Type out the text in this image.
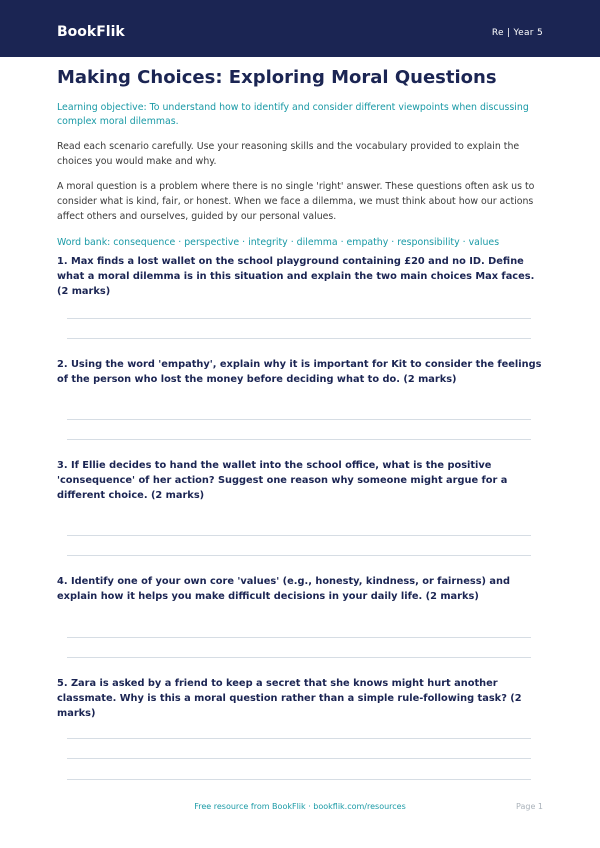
BookFlik	Re | Year 5
Making Choices: Exploring Moral Questions
Learning objective: To understand how to identify and consider different viewpoints when discussing complex moral dilemmas.
Read each scenario carefully. Use your reasoning skills and the vocabulary provided to explain the choices you would make and why.
A moral question is a problem where there is no single 'right' answer. These questions often ask us to consider what is kind, fair, or honest. When we face a dilemma, we must think about how our actions affect others and ourselves, guided by our personal values.
Word bank: consequence · perspective · integrity · dilemma · empathy · responsibility · values
1. Max finds a lost wallet on the school playground containing £20 and no ID. Define what a moral dilemma is in this situation and explain the two main choices Max faces. (2 marks)
2. Using the word 'empathy', explain why it is important for Kit to consider the feelings of the person who lost the money before deciding what to do. (2 marks)
3. If Ellie decides to hand the wallet into the school office, what is the positive 'consequence' of her action? Suggest one reason why someone might argue for a different choice. (2 marks)
4. Identify one of your own core 'values' (e.g., honesty, kindness, or fairness) and explain how it helps you make difficult decisions in your daily life. (2 marks)
5. Zara is asked by a friend to keep a secret that she knows might hurt another classmate. Why is this a moral question rather than a simple rule-following task? (2 marks)
Free resource from BookFlik · bookflik.com/resources	Page 1
